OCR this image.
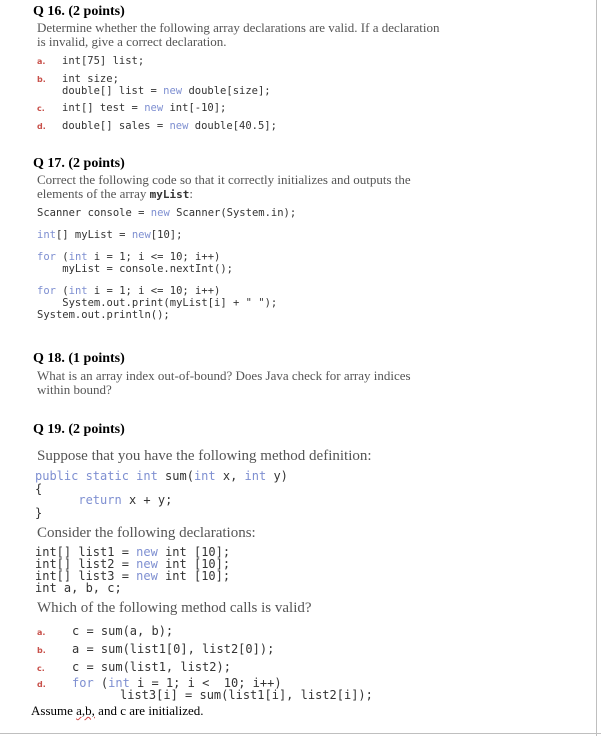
Q 16. (2 points)
Determine whether the following array declarations are valid. If a declaration
is invalid, give a correct declaration.
a. int[75] list;
b. int size;
double[] list = new double[size];
c. int[] test = new int[-10];
d. double[] sales = new double[40.5];
Q 17. (2 points)
Correct the following code so that it correctly initializes and outputs the
elements of the array myList:
Scanner console = new Scanner(System.in);
int[] myList = new[10];
for (int i = 1; i <= 10; i++)
myList = console.nextInt();
for (int i = 1; i <= 10; i++)
System.out.print(myList[i] + " ");
System.out.println();
Q 18. (1 points)
What is an array index out-of-bound? Does Java check for array indices
within bound?
Q 19. (2 points)
Suppose that you have the following method definition:
public static int sum(int x, int y)
{
return x + y;
}
Consider the following declarations:
int[] list1 = new int [10];
int[] list2 = new int [10];
int[] list3 = new int [10];
int a, b, c;
Which of the following method calls is valid?
a. c = sum(a, b);
b. a = sum(list1[0], list2[0]);
c. c = sum(list1, list2);
d. for (int i = 1; i <  10; i++)
list3[i] = sum(list1[i], list2[i]);
Assume a,b, and c are initialized.
